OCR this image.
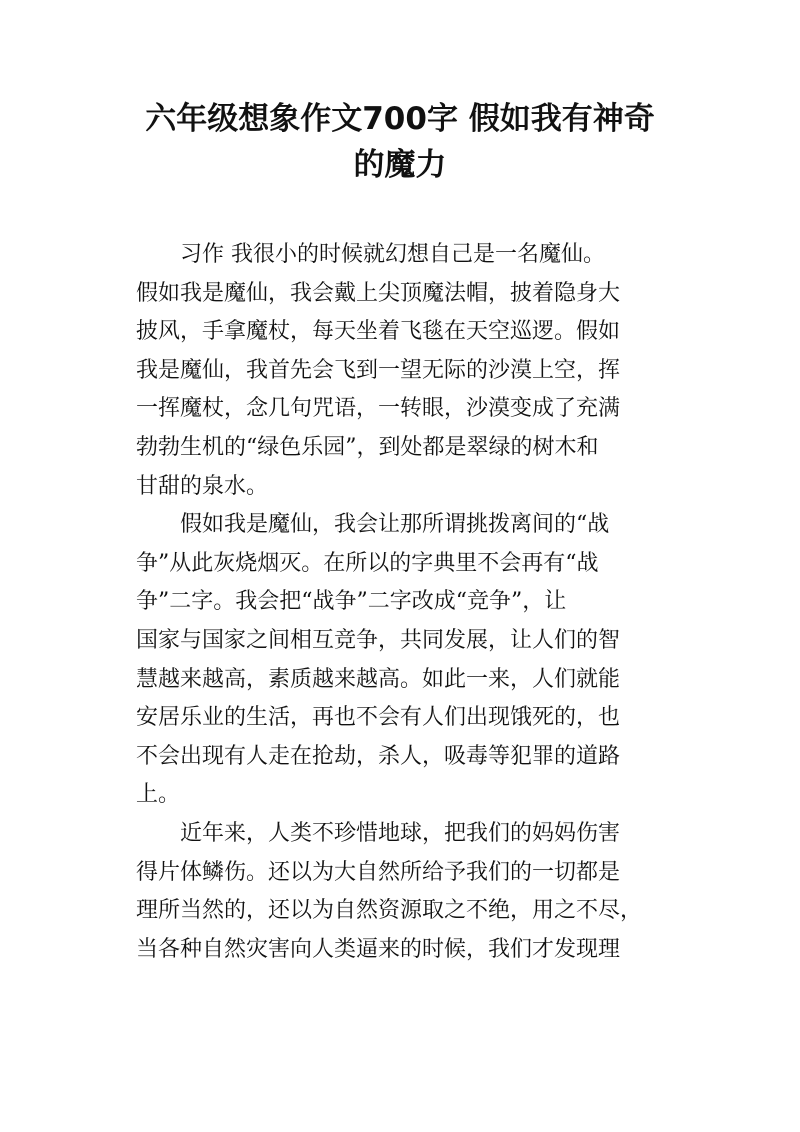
六年级想象作文700字 假如我有神奇
的魔力
习作 我很小的时候就幻想自己是一名魔仙。
假如我是魔仙，我会戴上尖顶魔法帽，披着隐身大
披风，手拿魔杖，每天坐着飞毯在天空巡逻。假如
我是魔仙，我首先会飞到一望无际的沙漠上空，挥
一挥魔杖，念几句咒语，一转眼，沙漠变成了充满
勃勃生机的“绿色乐园”，到处都是翠绿的树木和
甘甜的泉水。
假如我是魔仙，我会让那所谓挑拨离间的“战
争”从此灰烧烟灭。在所以的字典里不会再有“战
争”二字。我会把“战争”二字改成“竞争”，让
国家与国家之间相互竞争，共同发展，让人们的智
慧越来越高，素质越来越高。如此一来，人们就能
安居乐业的生活，再也不会有人们出现饿死的，也
不会出现有人走在抢劫，杀人，吸毒等犯罪的道路
上。
近年来，人类不珍惜地球，把我们的妈妈伤害
得片体鳞伤。还以为大自然所给予我们的一切都是
理所当然的，还以为自然资源取之不绝，用之不尽，
当各种自然灾害向人类逼来的时候，我们才发现理
